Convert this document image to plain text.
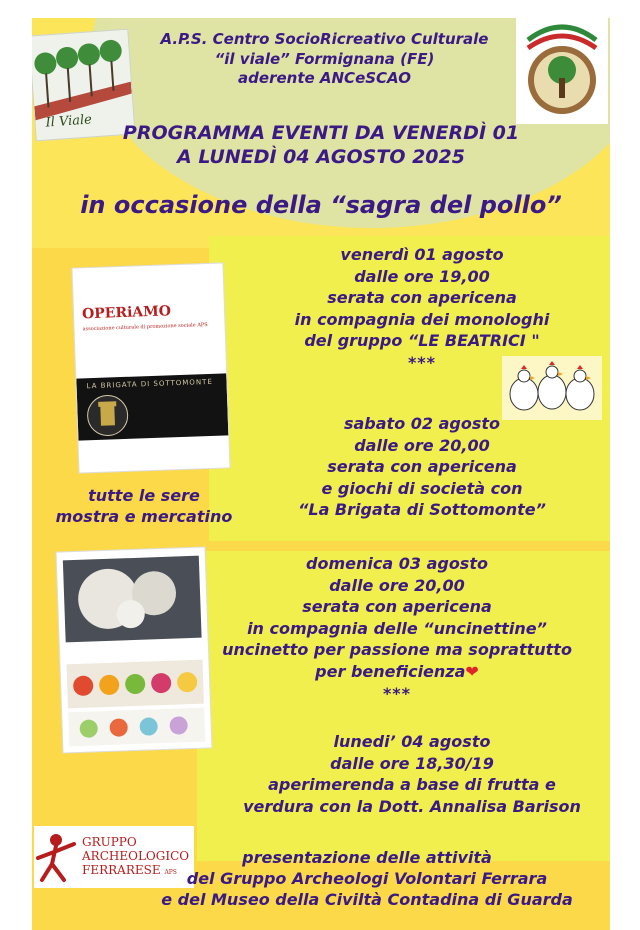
Il Viale
A.P.S. Centro SocioRicreativo Culturale
“il viale” Formignana (FE)
aderente ANCeSCAO
PROGRAMMA EVENTI DA VENERDÌ 01
A LUNEDÌ 04 AGOSTO 2025
in occasione della “sagra del pollo”
OPERiAMO
associazione culturale di promozione sociale APS
LA BRIGATA DI SOTTOMONTE
venerdì 01 agosto
dalle ore 19,00
serata con apericena
in compagnia dei monologhi
del gruppo “LE BEATRICI "
***
sabato 02 agosto
dalle ore 20,00
serata con apericena
e giochi di società con
“La Brigata di Sottomonte”
tutte le sere
mostra e mercatino
domenica 03 agosto
dalle ore 20,00
serata con apericena
in compagnia delle “uncinettine”
uncinetto per passione ma soprattutto
per beneficienza❤
***
lunedi’ 04 agosto
dalle ore 18,30/19
aperimerenda a base di frutta e
verdura con la Dott. Annalisa Barison
GRUPPO
ARCHEOLOGICO
FERRARESE APS
presentazione delle attività
del Gruppo Archeologi Volontari Ferrara
e del Museo della Civiltà Contadina di Guarda
